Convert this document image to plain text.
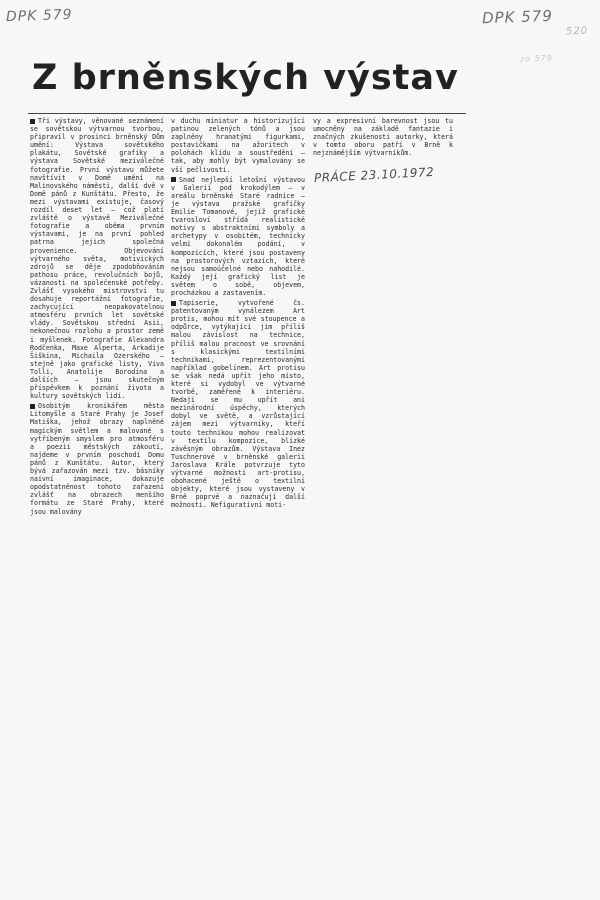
DPK 579	DPK 579
520
zo 579
Z brněnských výstav

Tři výstavy, věnované seznámení se sovětskou výtvarnou tvorbou, připravil v prosinci brněnský Dům umění: Výstava sovětského plakátu, Sovětské grafiky a výstava Sovětské meziválečné fotografie. První výstavu můžete navštívit v Domě umění na Malinovského náměstí, další dvě v Domě pánů z Kunštátu. Přesto, že mezi výstavami existuje, časový rozdíl deset let — což platí zvláště o výstavě Meziválečné fotografie a oběma prvním výstavami, je na první pohled patrna jejich společná provenience. Objevování výtvarného světa, motivických zdrojů se děje zpodobňováním pathosu práce, revolučních bojů, vázanosti na společenské potřeby. Zvlášť vysokého mistrovství tu dosahuje reportážní fotografie, zachycující neopakovatelnou atmosféru prvních let sovětské vlády. Sovětskou střední Asii, nekonečnou rozlohu a prostor země i myšlenek. Fotografie Alexandra Rodčenka, Maxe Alperta, Arkadije Šiškina, Michaila Ozerského — stejně jako grafické listy, Viva Tolli, Anatolije Borodina a dalších — jsou skutečným příspěvkem k poznání života a kultury sovětských lidí.

Osobitým kronikářem města Litomyšle a Staré Prahy je Josef Matiška, jehož obrazy naplněné magickým světlem a malované s vytříbeným smyslem pro atmosféru a poezii městských zákoutí, najdeme v prvním poschodí Domu pánů z Kunštátu. Autor, který bývá zařazován mezi tzv. básníky naivní imaginace, dokazuje opodstatněnost tohoto zařazení zvlášť na obrazech menšího formátu ze Staré Prahy, které jsou malovány

v duchu miniatur a historizující patinou zelených tónů a jsou zaplněny hranatými figurkami, postavičkami na ažoritech v polohách klidu a soustředění — tak, aby mohly být vymalovány se vší pečlivostí.

Snad nejlepší letošní výstavou v Galerii pod krokodýlem — v areálu brněnské Staré radnice — je výstava pražské grafičky Emilie Tomanové, jejíž grafické tvarosloví střídá realistické motivy s abstraktními symboly a archetypy v osobitém, technicky velmi dokonalém podání, v kompozicích, které jsou postaveny na prostorových vztazích, které nejsou samoúčelné nebo nahodilé. Každý její grafický list je světem o sobě, objevem, procházkou a zastavením.

Tapiserie, vytvořené čs. patentovaným vynálezem Art protis, mohou mít své stoupence a odpůrce, vytýkající jim příliš malou závislost na technice, příliš malou pracnost ve srovnání s klasickými textilními technikami, reprezentovanými například gobelínem. Art protisu se však nedá upřít jeho místo, které si vydobyl ve výtvarné tvorbě, zaměřené k interiéru. Nedají se mu upřít ani mezinárodní úspěchy, kterých dobyl ve světě, a vzrůstající zájem mezi výtvarníky, kteří touto technikou mohou realizovat v textilu kompozice, blízké závěsným obrazům. Výstava Inez Tuschnerové v brněnské galerii Jaroslava Krále potvrzuje tyto výtvarné možnosti art-protisu, obohacené ještě o textilní objekty, které jsou vystaveny v Brně poprvé a naznačují další možnosti. Nefigurativní moti-

vy a expresivní barevnost jsou tu umocněny na základě fantazie i značných zkušeností autorky, která v tomto oboru patří v Brně k nejznámějším výtvarníkům.

PRÁCE 23.10.1972
